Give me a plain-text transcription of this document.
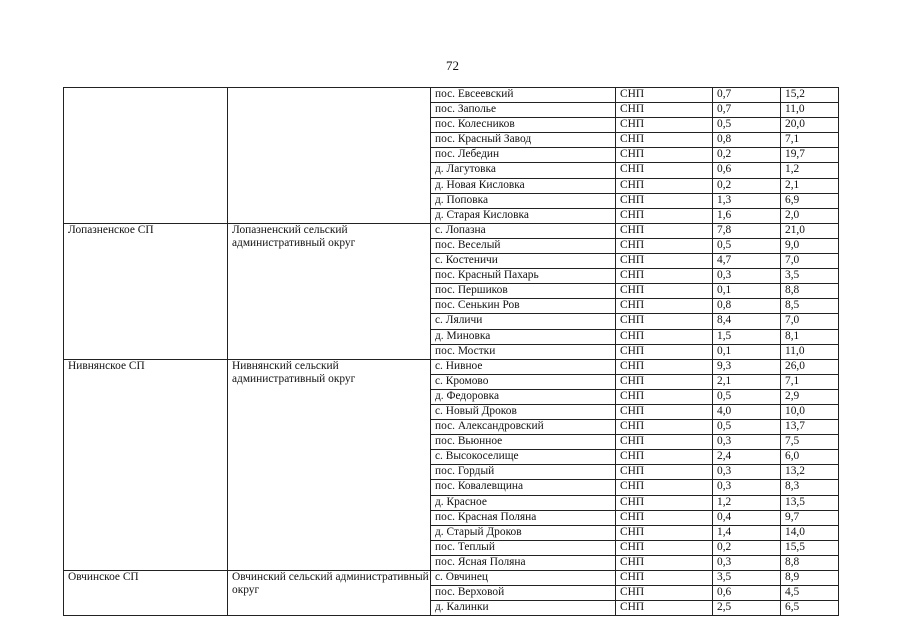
72
		пос. Евсеевский	СНП	0,7	15,2
		пос. Заполье	СНП	0,7	11,0
		пос. Колесников	СНП	0,5	20,0
		пос. Красный Завод	СНП	0,8	7,1
		пос. Лебедин	СНП	0,2	19,7
		д. Лагутовка	СНП	0,6	1,2
		д. Новая Кисловка	СНП	0,2	2,1
		д. Поповка	СНП	1,3	6,9
		д. Старая Кисловка	СНП	1,6	2,0
Лопазненское СП	Лопазненский сельский административный округ	с. Лопазна	СНП	7,8	21,0
		пос. Веселый	СНП	0,5	9,0
		с. Костеничи	СНП	4,7	7,0
		пос. Красный Пахарь	СНП	0,3	3,5
		пос. Першиков	СНП	0,1	8,8
		пос. Сенькин Ров	СНП	0,8	8,5
		с. Ляличи	СНП	8,4	7,0
		д. Миновка	СНП	1,5	8,1
		пос. Мостки	СНП	0,1	11,0
Нивнянское СП	Нивнянский сельский административный округ	с. Нивное	СНП	9,3	26,0
		с. Кромово	СНП	2,1	7,1
		д. Федоровка	СНП	0,5	2,9
		с. Новый Дроков	СНП	4,0	10,0
		пос. Александровский	СНП	0,5	13,7
		пос. Вьюнное	СНП	0,3	7,5
		с. Высокоселище	СНП	2,4	6,0
		пос. Гордый	СНП	0,3	13,2
		пос. Ковалевщина	СНП	0,3	8,3
		д. Красное	СНП	1,2	13,5
		пос. Красная Поляна	СНП	0,4	9,7
		д. Старый Дроков	СНП	1,4	14,0
		пос. Теплый	СНП	0,2	15,5
		пос. Ясная Поляна	СНП	0,3	8,8
Овчинское СП	Овчинский сельский административный округ	с. Овчинец	СНП	3,5	8,9
		пос. Верховой	СНП	0,6	4,5
		д. Калинки	СНП	2,5	6,5
